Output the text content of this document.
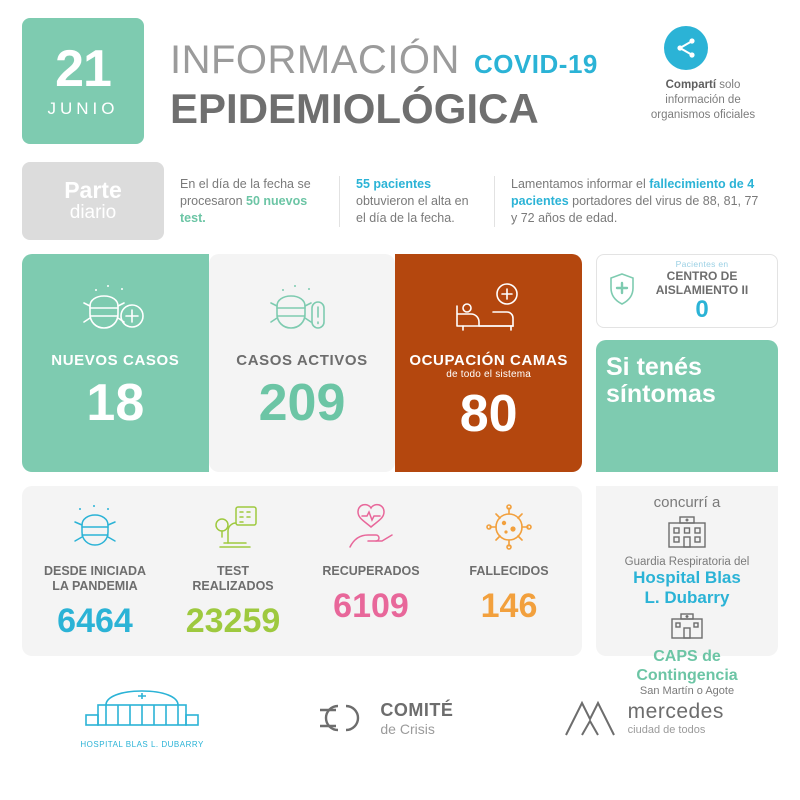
21
JUNIO
INFORMACIÓN COVID-19
EPIDEMIOLÓGICA	Compartí solo
información de
organismos oficiales
Parte
diario
En el día de la fecha se procesaron 50 nuevos test.
55 pacientes obtuvieron el alta en el día de la fecha.
Lamentamos informar el fallecimiento de 4 pacientes portadores del virus de 88, 81, 77 y 72 años de edad.
NUEVOS CASOS
18
CASOS ACTIVOS
209
OCUPACIÓN CAMAS
de todo el sistema
80
Pacientes en
CENTRO DE
AISLAMIENTO II
0
Si tenés
síntomas
DESDE INICIADA
LA PANDEMIA
6464
TEST
REALIZADOS
23259
RECUPERADOS
6109
FALLECIDOS
146
concurrí a
Guardia Respiratoria del
Hospital Blas
L. Dubarry
CAPS de
Contingencia
San Martín o Agote
HOSPITAL BLAS L. DUBARRY
COMITÉ
de Crisis
mercedes
ciudad de todos
